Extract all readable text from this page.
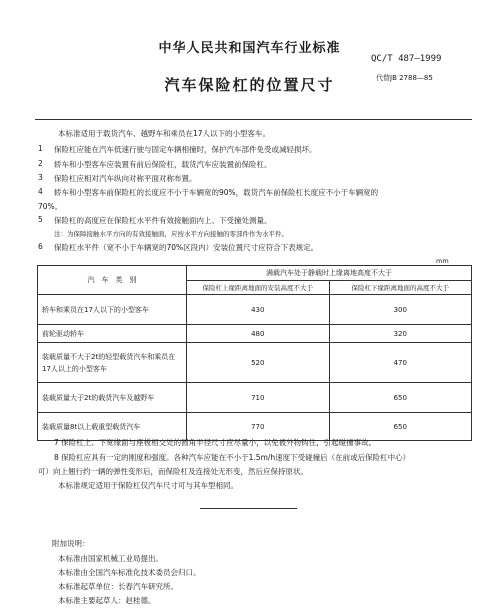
中华人民共和国汽车行业标准
QC/T 487—1999
代替JB 2788—85
汽车保险杠的位置尺寸
本标准适用于载货汽车、越野车和乘员在17人以下的小型客车。
1 保险杠应能在汽车低速行驶与固定车辆相撞时，保护汽车部件免受或减轻损坏。
2 轿车和小型客车应装置有前后保险杠，载货汽车应装置前保险杠。
3 保险杠应相对汽车纵向对称平面对称布置。
4 轿车和小型客车前保险杠的长度应不小于车辆宽的90%，载货汽车前保险杠长度应不小于车辆宽的
70%。
5 保险杠的高度应在保险杠水平件有效接触面内上、下受撞处测量。
注：为保障接触水平方向的有效接触面，应按水平方向接触的零部件作为水平件。
6 保险杠水平件（宽不小于车辆宽的70%区段内）安装位置尺寸应符合下表规定。
mm
汽　车　类　别	满载汽车处于静载时上缘离地高度不大于	
	保险杠上缘距离地面的安装高度不大于	保险杠下缘距离地面的高度不大于
轿车和乘员在17人以下的小型客车	430	300
前轮驱动轿车	480	320
装载质量不大于2t的轻型载货汽车和乘员在17人以上的小型客车	520	470
装载质量大于2t的载货汽车及越野车	710	650
装载质量8t以上载重型载货汽车	770	650
7 保险杠上、下宽缘面与座板相交处的圆角半径尺寸应尽量小，以免被外物钩住，引起碰撞事故。
8 保险杠应具有一定的刚度和强度。各种汽车应能在不小于1.5m/h速度下受碰撞后（在前或后保险杠中心）
可）向上翘行约一辆的弹性变形后，而保险杠及连接处无形变，然后应保持原状。
本标准规定适用于保险杠仅汽车尺寸可与其车型相同。
附加说明：
本标准由国家机械工业局提出。
本标准由全国汽车标准化技术委员会归口。
本标准起草单位：长春汽车研究所。
本标准主要起草人：赵桂德。
